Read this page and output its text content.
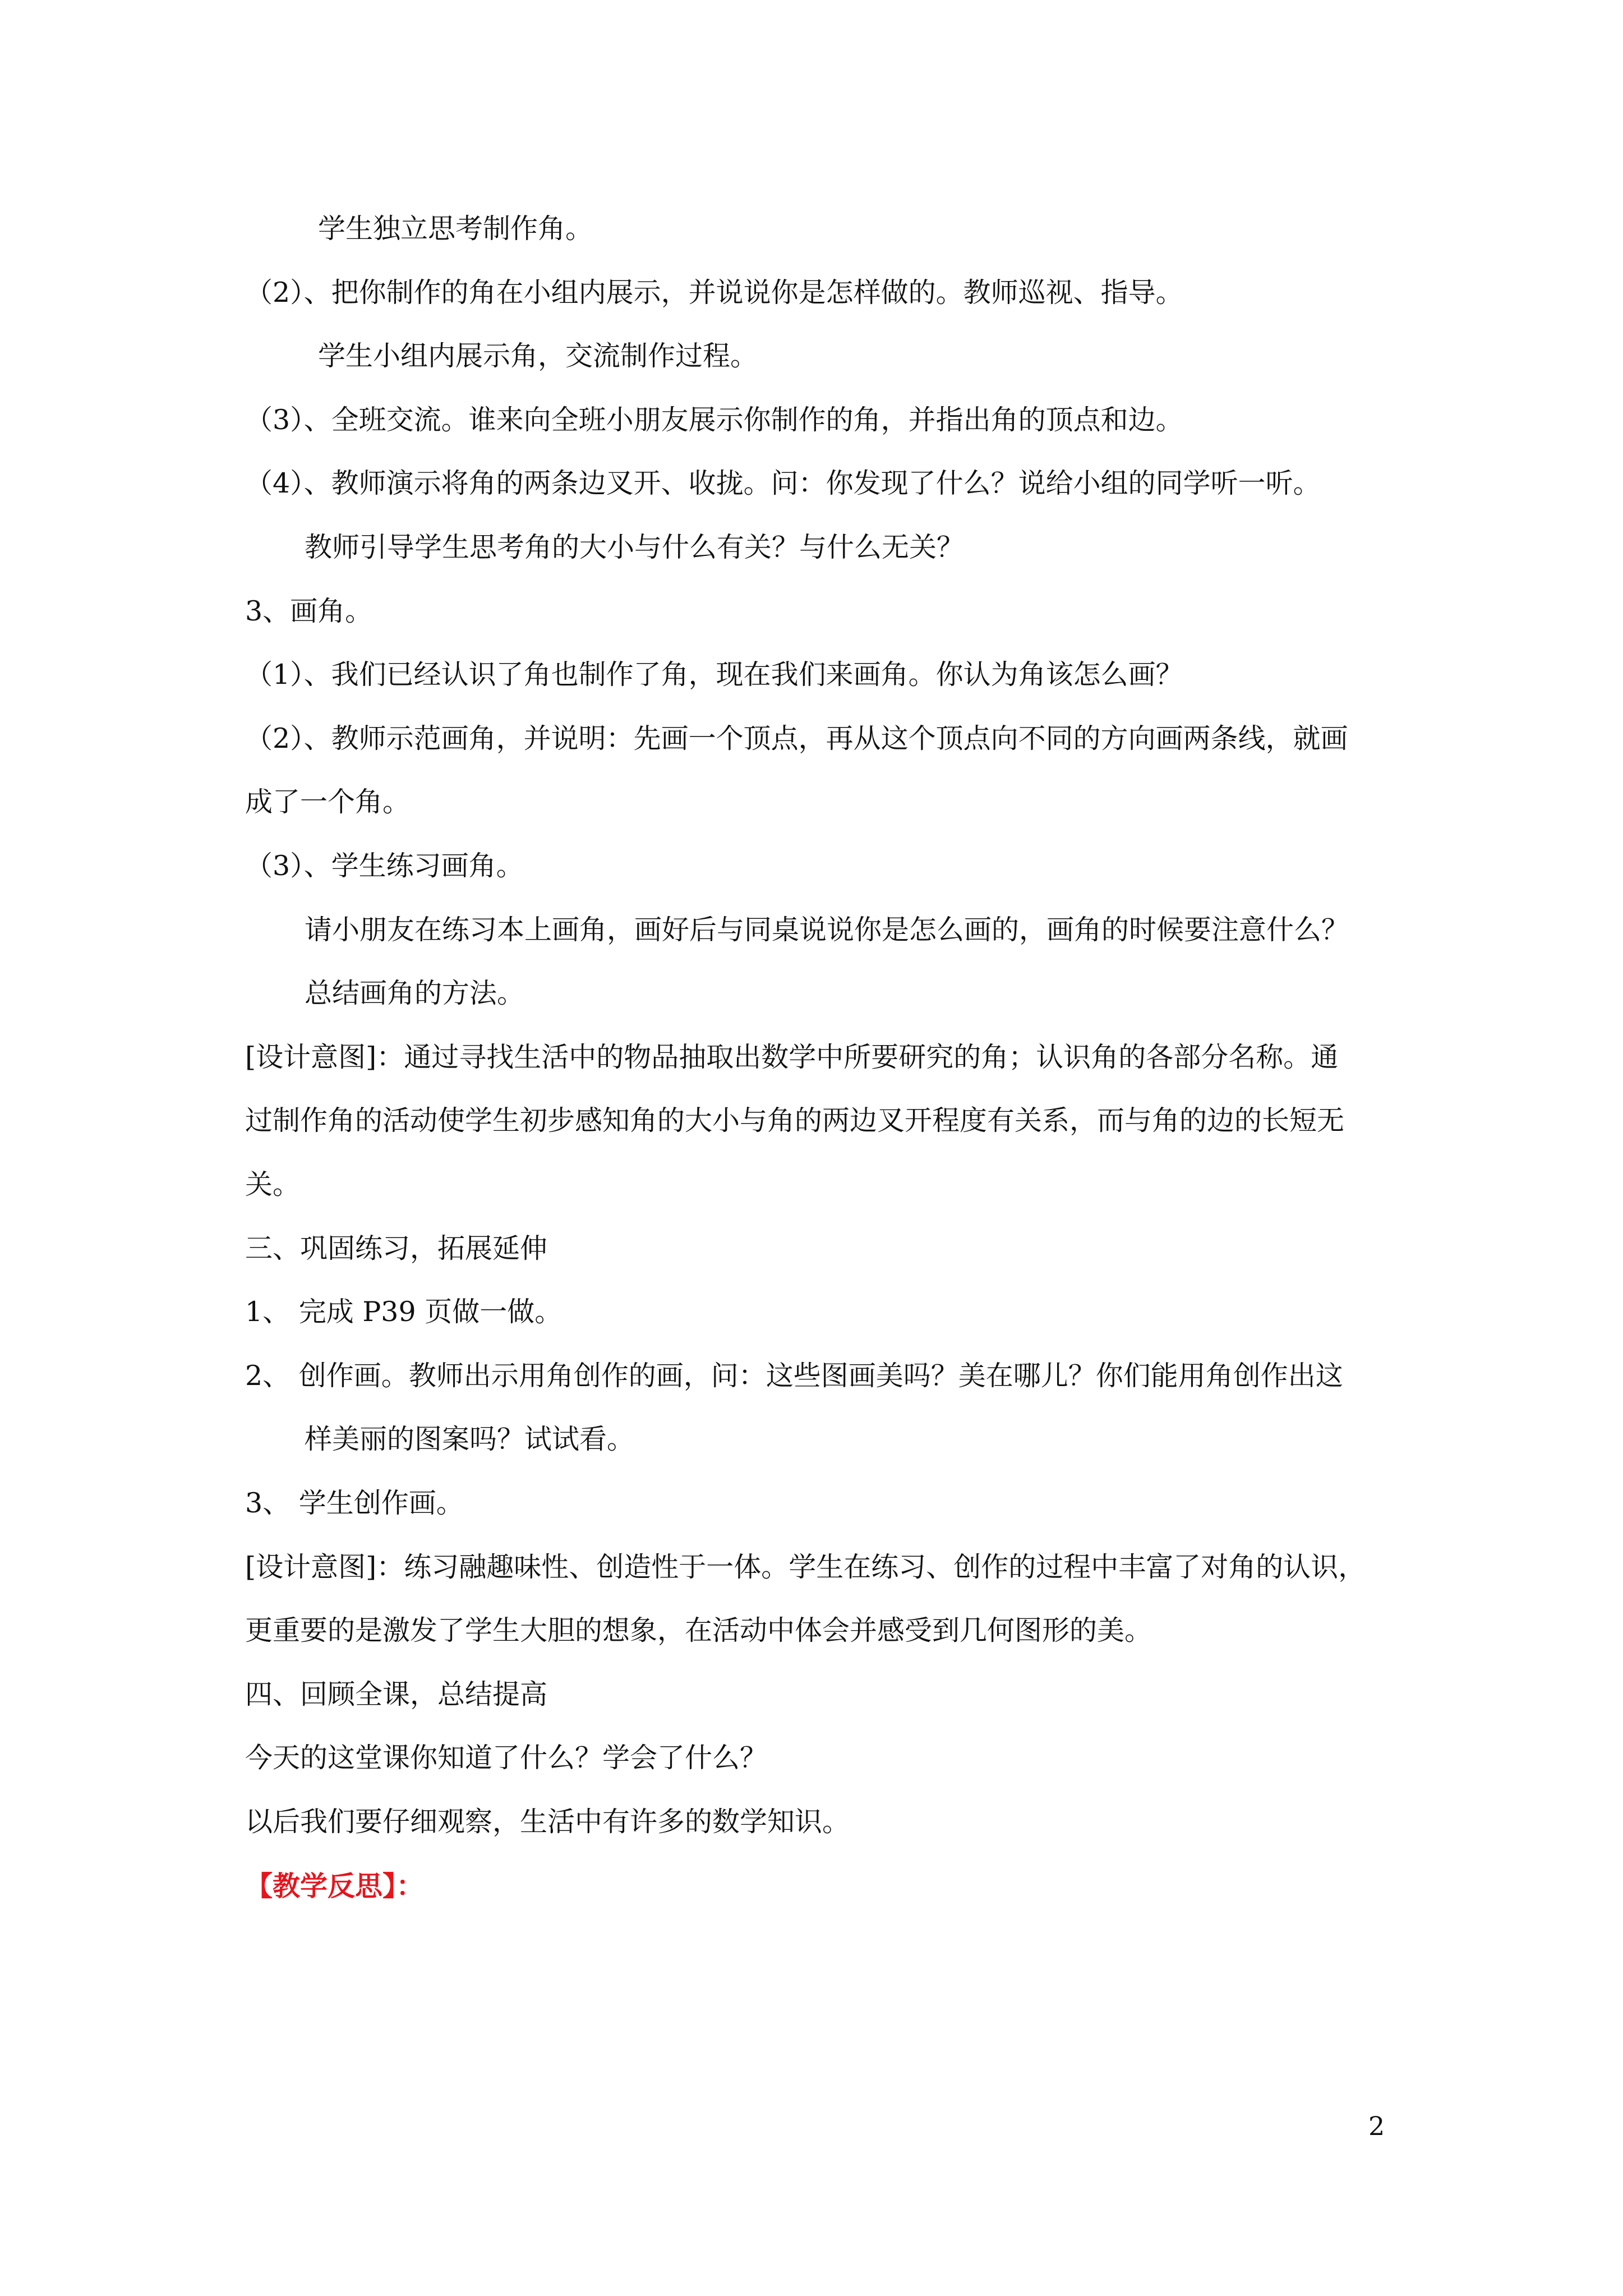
学生独立思考制作角。
（2）、把你制作的角在小组内展示，并说说你是怎样做的。教师巡视、指导。
学生小组内展示角，交流制作过程。
（3）、全班交流。谁来向全班小朋友展示你制作的角，并指出角的顶点和边。
（4）、教师演示将角的两条边叉开、收拢。问：你发现了什么？说给小组的同学听一听。
教师引导学生思考角的大小与什么有关？与什么无关？
3、画角。
（1）、我们已经认识了角也制作了角，现在我们来画角。你认为角该怎么画？
（2）、教师示范画角，并说明：先画一个顶点，再从这个顶点向不同的方向画两条线，就画
成了一个角。
（3）、学生练习画角。
请小朋友在练习本上画角，画好后与同桌说说你是怎么画的，画角的时候要注意什么？
总结画角的方法。
[设计意图]：通过寻找生活中的物品抽取出数学中所要研究的角；认识角的各部分名称。通
过制作角的活动使学生初步感知角的大小与角的两边叉开程度有关系，而与角的边的长短无
关。
三、巩固练习，拓展延伸
1、 完成 P39 页做一做。
2、 创作画。教师出示用角创作的画，问：这些图画美吗？美在哪儿？你们能用角创作出这
样美丽的图案吗？试试看。
3、 学生创作画。
[设计意图]：练习融趣味性、创造性于一体。学生在练习、创作的过程中丰富了对角的认识，
更重要的是激发了学生大胆的想象，在活动中体会并感受到几何图形的美。
四、回顾全课，总结提高
今天的这堂课你知道了什么？学会了什么？
以后我们要仔细观察，生活中有许多的数学知识。
【教学反思】：
2
